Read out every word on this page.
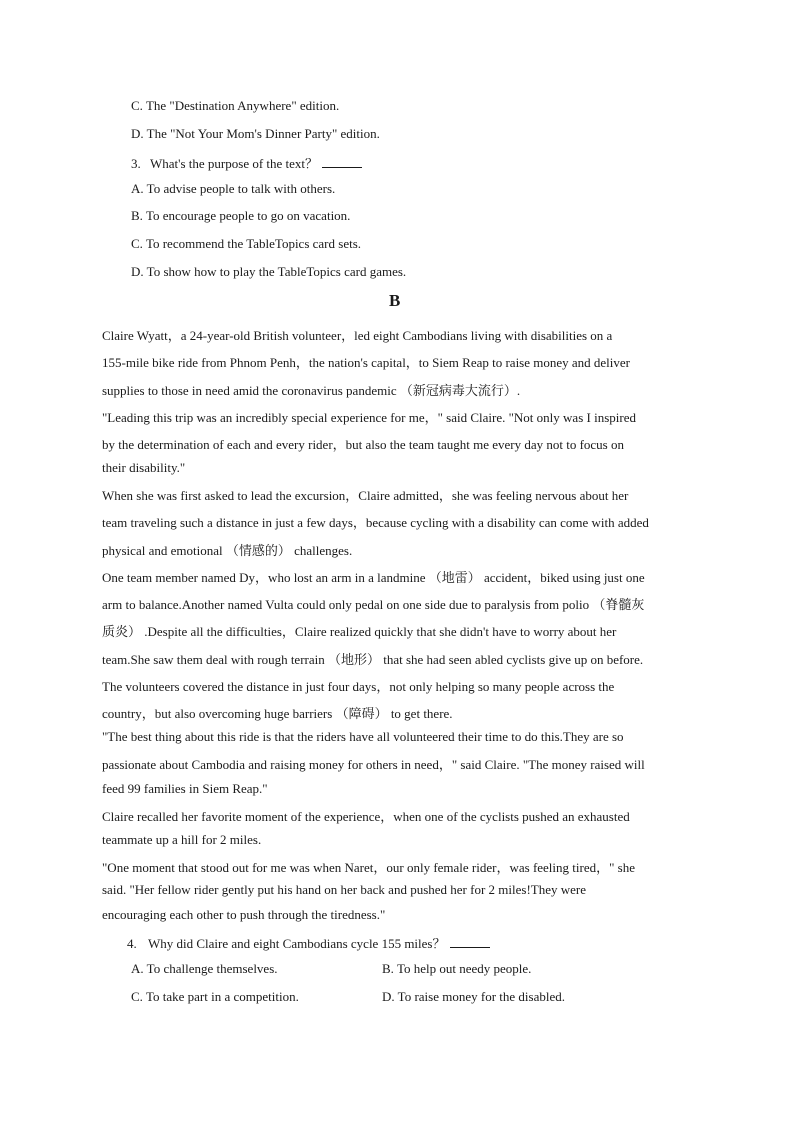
C. The "Destination Anywhere" edition.
D. The "Not Your Mom's Dinner Party" edition.
3. What's the purpose of the text？
A. To advise people to talk with others.
B. To encourage people to go on vacation.
C. To recommend the TableTopics card sets.
D. To show how to play the TableTopics card games.
B
Claire Wyatt，a 24-year-old British volunteer，led eight Cambodians living with disabilities on a
155-mile bike ride from Phnom Penh，the nation's capital，to Siem Reap to raise money and deliver
supplies to those in need amid the coronavirus pandemic （新冠病毒大流行）.
"Leading this trip was an incredibly special experience for me，" said Claire. "Not only was I inspired
by the determination of each and every rider，but also the team taught me every day not to focus on
their disability."
When she was first asked to lead the excursion，Claire admitted，she was feeling nervous about her
team traveling such a distance in just a few days，because cycling with a disability can come with added
physical and emotional （情感的） challenges.
One team member named Dy，who lost an arm in a landmine （地雷） accident，biked using just one
arm to balance.Another named Vulta could only pedal on one side due to paralysis from polio （脊髓灰
质炎） .Despite all the difficulties，Claire realized quickly that she didn't have to worry about her
team.She saw them deal with rough terrain （地形） that she had seen abled cyclists give up on before.
The volunteers covered the distance in just four days，not only helping so many people across the
country，but also overcoming huge barriers （障碍） to get there.
"The best thing about this ride is that the riders have all volunteered their time to do this.They are so
passionate about Cambodia and raising money for others in need，" said Claire. "The money raised will
feed 99 families in Siem Reap."
Claire recalled her favorite moment of the experience，when one of the cyclists pushed an exhausted
teammate up a hill for 2 miles.
"One moment that stood out for me was when Naret，our only female rider，was feeling tired，" she
said. "Her fellow rider gently put his hand on her back and pushed her for 2 miles!They were
encouraging each other to push through the tiredness."
4. Why did Claire and eight Cambodians cycle 155 miles？
A. To challenge themselves.	B. To help out needy people.
C. To take part in a competition.	D. To raise money for the disabled.
